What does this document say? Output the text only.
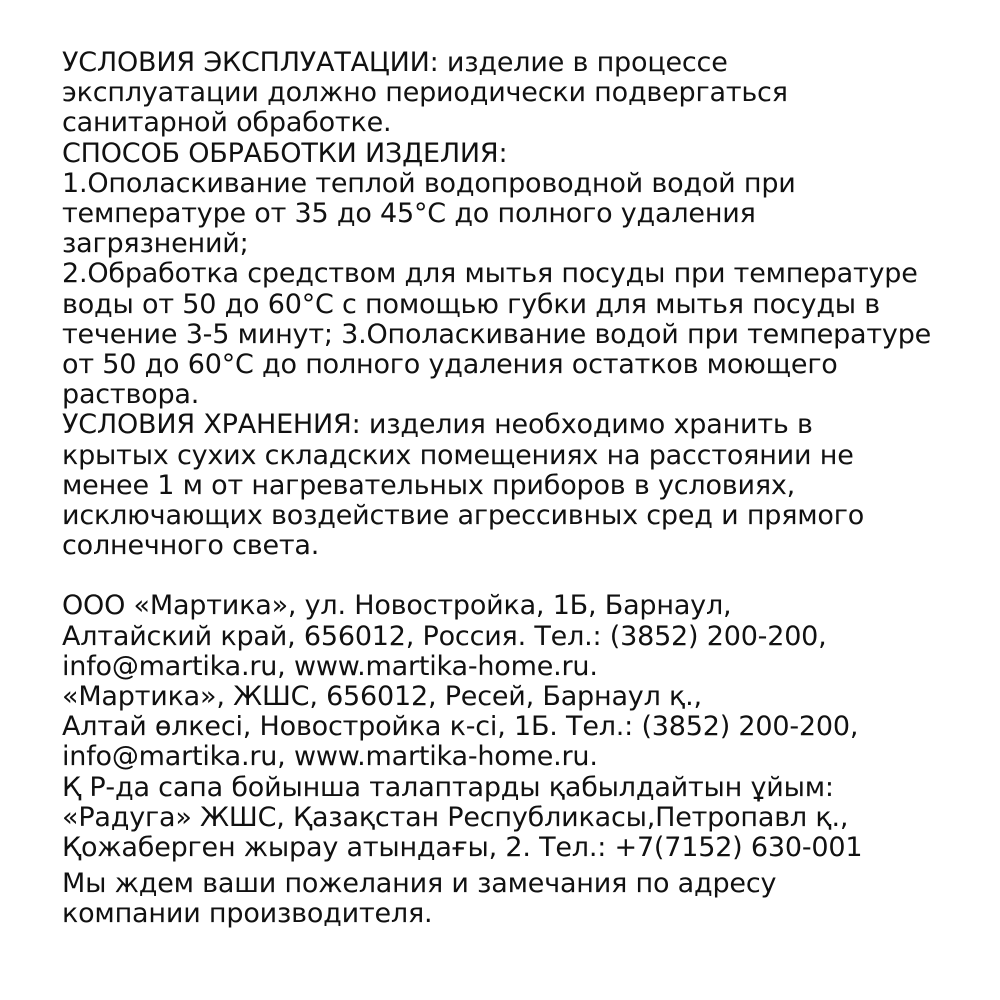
УСЛОВИЯ ЭКСПЛУАТАЦИИ: изделие в процессе
эксплуатации должно периодически подвергаться
санитарной обработке.
СПОСОБ ОБРАБОТКИ ИЗДЕЛИЯ:
1.Ополаскивание теплой водопроводной водой при
температуре от 35 до 45°С до полного удаления
загрязнений;
2.Обработка средством для мытья посуды при температуре
воды от 50 до 60°С с помощью губки для мытья посуды в
течение 3-5 минут; 3.Ополаскивание водой при температуре
от 50 до 60°С до полного удаления остатков моющего
раствора.
УСЛОВИЯ ХРАНЕНИЯ: изделия необходимо хранить в
крытых сухих складских помещениях на расстоянии не
менее 1 м от нагревательных приборов в условиях,
исключающих воздействие агрессивных сред и прямого
солнечного света.
ООО «Мартика», ул. Новостройка, 1Б, Барнаул,
Алтайский край, 656012, Россия. Тел.: (3852) 200-200,
info@martika.ru, www.martika-home.ru.
«Мартика», ЖШС, 656012, Ресей, Барнаул қ.,
Алтай өлкесі, Новостройка к-сі, 1Б. Тел.: (3852) 200-200,
info@martika.ru, www.martika-home.ru.
Қ Р-да сапа бойынша талаптарды қабылдайтын ұйым:
«Радуга» ЖШС, Қазақстан Республикасы,Петропавл қ.,
Қожаберген жырау атындағы, 2. Тел.: +7(7152) 630-001
Мы ждем ваши пожелания и замечания по адресу
компании производителя.
